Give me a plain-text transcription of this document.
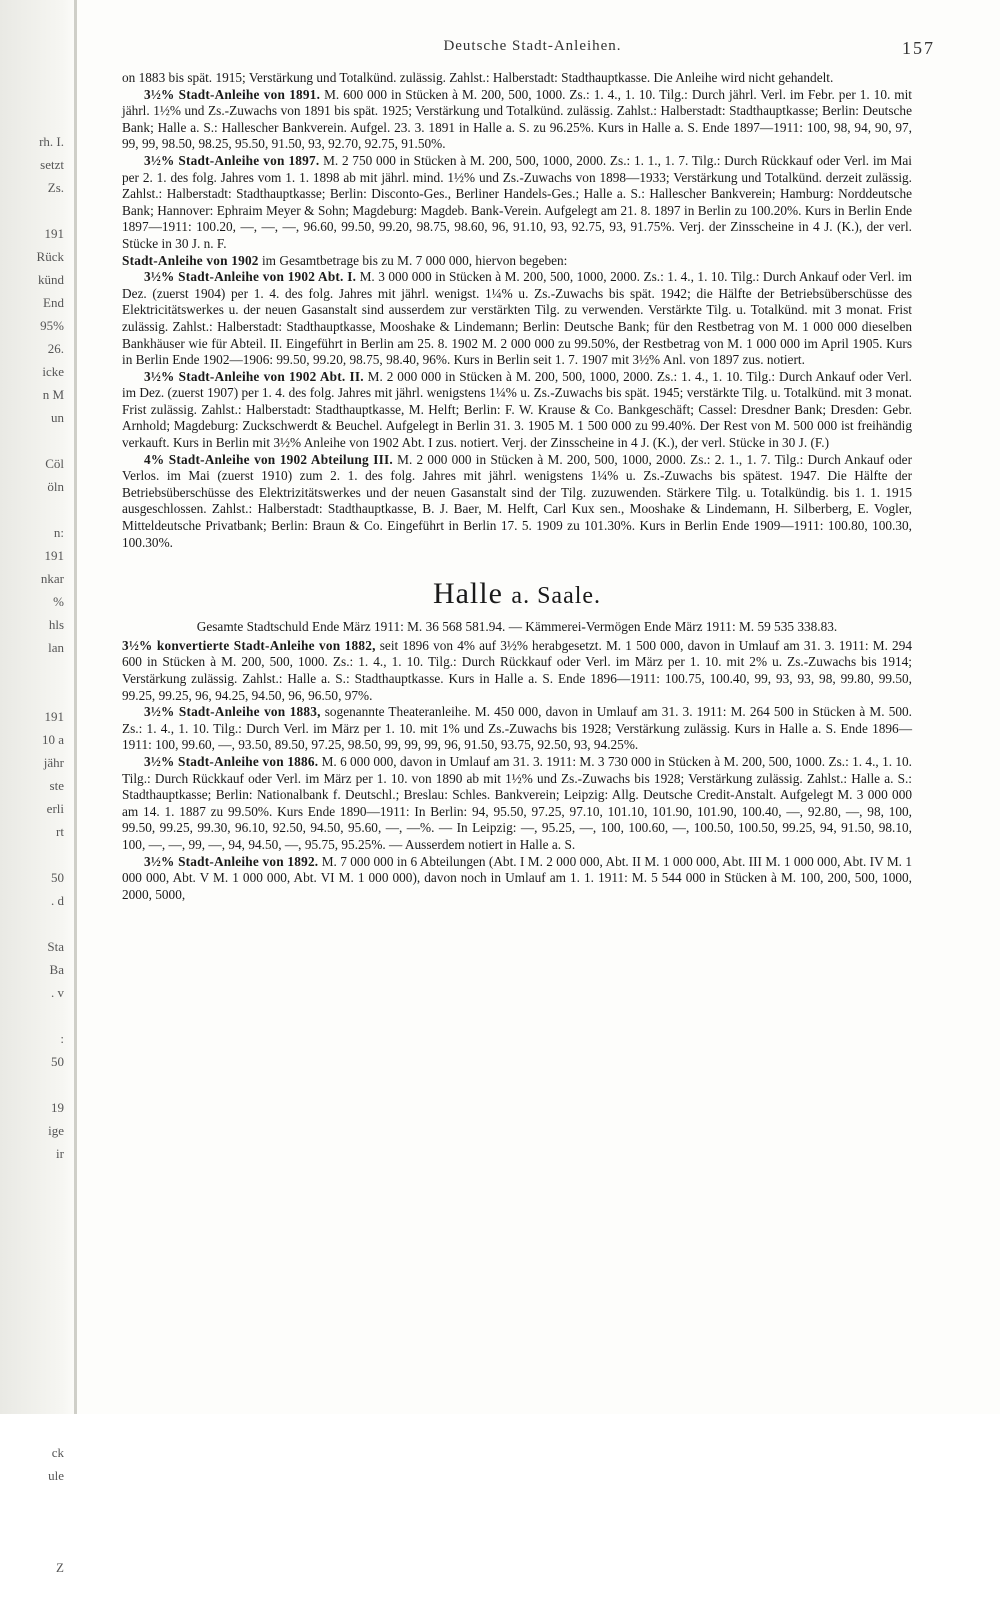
rh. I.
setzt
Zs.
191
Rück
künd
End
95%
26.
icke
n M
un
Cöl
öln
n:
191
nkar
%
hls
lan
191
10 a
jähr
ste
erli
rt
50
. d
Sta
Ba
. v
:
50
19
ige
ir
ck
ule
Z
Deutsche Stadt-Anleihen.	157

on 1883 bis spät. 1915; Verstärkung und Totalkünd. zulässig. Zahlst.: Halberstadt: Stadthauptkasse. Die Anleihe wird nicht gehandelt.

3½% Stadt-Anleihe von 1891. M. 600 000 in Stücken à M. 200, 500, 1000. Zs.: 1. 4., 1. 10. Tilg.: Durch jährl. Verl. im Febr. per 1. 10. mit jährl. 1½% und Zs.-Zuwachs von 1891 bis spät. 1925; Verstärkung und Totalkünd. zulässig. Zahlst.: Halberstadt: Stadthauptkasse; Berlin: Deutsche Bank; Halle a. S.: Hallescher Bankverein. Aufgel. 23. 3. 1891 in Halle a. S. zu 96.25%. Kurs in Halle a. S. Ende 1897—1911: 100, 98, 94, 90, 97, 99, 99, 98.50, 98.25, 95.50, 91.50, 93, 92.70, 92.75, 91.50%.

3½% Stadt-Anleihe von 1897. M. 2 750 000 in Stücken à M. 200, 500, 1000, 2000. Zs.: 1. 1., 1. 7. Tilg.: Durch Rückkauf oder Verl. im Mai per 2. 1. des folg. Jahres vom 1. 1. 1898 ab mit jährl. mind. 1½% und Zs.-Zuwachs von 1898—1933; Verstärkung und Totalkünd. derzeit zulässig. Zahlst.: Halberstadt: Stadthauptkasse; Berlin: Disconto-Ges., Berliner Handels-Ges.; Halle a. S.: Hallescher Bankverein; Hamburg: Norddeutsche Bank; Hannover: Ephraim Meyer & Sohn; Magdeburg: Magdeb. Bank-Verein. Aufgelegt am 21. 8. 1897 in Berlin zu 100.20%. Kurs in Berlin Ende 1897—1911: 100.20, —, —, —, 96.60, 99.50, 99.20, 98.75, 98.60, 96, 91.10, 93, 92.75, 93, 91.75%. Verj. der Zinsscheine in 4 J. (K.), der verl. Stücke in 30 J. n. F.

Stadt-Anleihe von 1902 im Gesamtbetrage bis zu M. 7 000 000, hiervon begeben:

3½% Stadt-Anleihe von 1902 Abt. I. M. 3 000 000 in Stücken à M. 200, 500, 1000, 2000. Zs.: 1. 4., 1. 10. Tilg.: Durch Ankauf oder Verl. im Dez. (zuerst 1904) per 1. 4. des folg. Jahres mit jährl. wenigst. 1¼% u. Zs.-Zuwachs bis spät. 1942; die Hälfte der Betriebsüberschüsse des Elektricitätswerkes u. der neuen Gasanstalt sind ausserdem zur verstärkten Tilg. zu verwenden. Verstärkte Tilg. u. Totalkünd. mit 3 monat. Frist zulässig. Zahlst.: Halberstadt: Stadthauptkasse, Mooshake & Lindemann; Berlin: Deutsche Bank; für den Restbetrag von M. 1 000 000 dieselben Bankhäuser wie für Abteil. II. Eingeführt in Berlin am 25. 8. 1902 M. 2 000 000 zu 99.50%, der Restbetrag von M. 1 000 000 im April 1905. Kurs in Berlin Ende 1902—1906: 99.50, 99.20, 98.75, 98.40, 96%. Kurs in Berlin seit 1. 7. 1907 mit 3½% Anl. von 1897 zus. notiert.

3½% Stadt-Anleihe von 1902 Abt. II. M. 2 000 000 in Stücken à M. 200, 500, 1000, 2000. Zs.: 1. 4., 1. 10. Tilg.: Durch Ankauf oder Verl. im Dez. (zuerst 1907) per 1. 4. des folg. Jahres mit jährl. wenigstens 1¼% u. Zs.-Zuwachs bis spät. 1945; verstärkte Tilg. u. Totalkünd. mit 3 monat. Frist zulässig. Zahlst.: Halberstadt: Stadthauptkasse, M. Helft; Berlin: F. W. Krause & Co. Bankgeschäft; Cassel: Dresdner Bank; Dresden: Gebr. Arnhold; Magdeburg: Zuckschwerdt & Beuchel. Aufgelegt in Berlin 31. 3. 1905 M. 1 500 000 zu 99.40%. Der Rest von M. 500 000 ist freihändig verkauft. Kurs in Berlin mit 3½% Anleihe von 1902 Abt. I zus. notiert. Verj. der Zinsscheine in 4 J. (K.), der verl. Stücke in 30 J. (F.)

4% Stadt-Anleihe von 1902 Abteilung III. M. 2 000 000 in Stücken à M. 200, 500, 1000, 2000. Zs.: 2. 1., 1. 7. Tilg.: Durch Ankauf oder Verlos. im Mai (zuerst 1910) zum 2. 1. des folg. Jahres mit jährl. wenigstens 1¼% u. Zs.-Zuwachs bis spätest. 1947. Die Hälfte der Betriebsüberschüsse des Elektrizitätswerkes und der neuen Gasanstalt sind der Tilg. zuzuwenden. Stärkere Tilg. u. Totalkündig. bis 1. 1. 1915 ausgeschlossen. Zahlst.: Halberstadt: Stadthauptkasse, B. J. Baer, M. Helft, Carl Kux sen., Mooshake & Lindemann, H. Silberberg, E. Vogler, Mitteldeutsche Privatbank; Berlin: Braun & Co. Eingeführt in Berlin 17. 5. 1909 zu 101.30%. Kurs in Berlin Ende 1909—1911: 100.80, 100.30, 100.30%.

Halle a. Saale.
Gesamte Stadtschuld Ende März 1911: M. 36 568 581.94. — Kämmerei-Vermögen Ende März 1911: M. 59 535 338.83.

3½% konvertierte Stadt-Anleihe von 1882, seit 1896 von 4% auf 3½% herabgesetzt. M. 1 500 000, davon in Umlauf am 31. 3. 1911: M. 294 600 in Stücken à M. 200, 500, 1000. Zs.: 1. 4., 1. 10. Tilg.: Durch Rückkauf oder Verl. im März per 1. 10. mit 2% u. Zs.-Zuwachs bis 1914; Verstärkung zulässig. Zahlst.: Halle a. S.: Stadthauptkasse. Kurs in Halle a. S. Ende 1896—1911: 100.75, 100.40, 99, 93, 93, 98, 99.80, 99.50, 99.25, 99.25, 96, 94.25, 94.50, 96, 96.50, 97%.

3½% Stadt-Anleihe von 1883, sogenannte Theateranleihe. M. 450 000, davon in Umlauf am 31. 3. 1911: M. 264 500 in Stücken à M. 500. Zs.: 1. 4., 1. 10. Tilg.: Durch Verl. im März per 1. 10. mit 1% und Zs.-Zuwachs bis 1928; Verstärkung zulässig. Kurs in Halle a. S. Ende 1896—1911: 100, 99.60, —, 93.50, 89.50, 97.25, 98.50, 99, 99, 99, 96, 91.50, 93.75, 92.50, 93, 94.25%.

3½% Stadt-Anleihe von 1886. M. 6 000 000, davon in Umlauf am 31. 3. 1911: M. 3 730 000 in Stücken à M. 200, 500, 1000. Zs.: 1. 4., 1. 10. Tilg.: Durch Rückkauf oder Verl. im März per 1. 10. von 1890 ab mit 1½% und Zs.-Zuwachs bis 1928; Verstärkung zulässig. Zahlst.: Halle a. S.: Stadthauptkasse; Berlin: Nationalbank f. Deutschl.; Breslau: Schles. Bankverein; Leipzig: Allg. Deutsche Credit-Anstalt. Aufgelegt M. 3 000 000 am 14. 1. 1887 zu 99.50%. Kurs Ende 1890—1911: In Berlin: 94, 95.50, 97.25, 97.10, 101.10, 101.90, 101.90, 100.40, —, 92.80, —, 98, 100, 99.50, 99.25, 99.30, 96.10, 92.50, 94.50, 95.60, —, —%. — In Leipzig: —, 95.25, —, 100, 100.60, —, 100.50, 100.50, 99.25, 94, 91.50, 98.10, 100, —, —, 99, —, 94, 94.50, —, 95.75, 95.25%. — Ausserdem notiert in Halle a. S.

3½% Stadt-Anleihe von 1892. M. 7 000 000 in 6 Abteilungen (Abt. I M. 2 000 000, Abt. II M. 1 000 000, Abt. III M. 1 000 000, Abt. IV M. 1 000 000, Abt. V M. 1 000 000, Abt. VI M. 1 000 000), davon noch in Umlauf am 1. 1. 1911: M. 5 544 000 in Stücken à M. 100, 200, 500, 1000, 2000, 5000,
